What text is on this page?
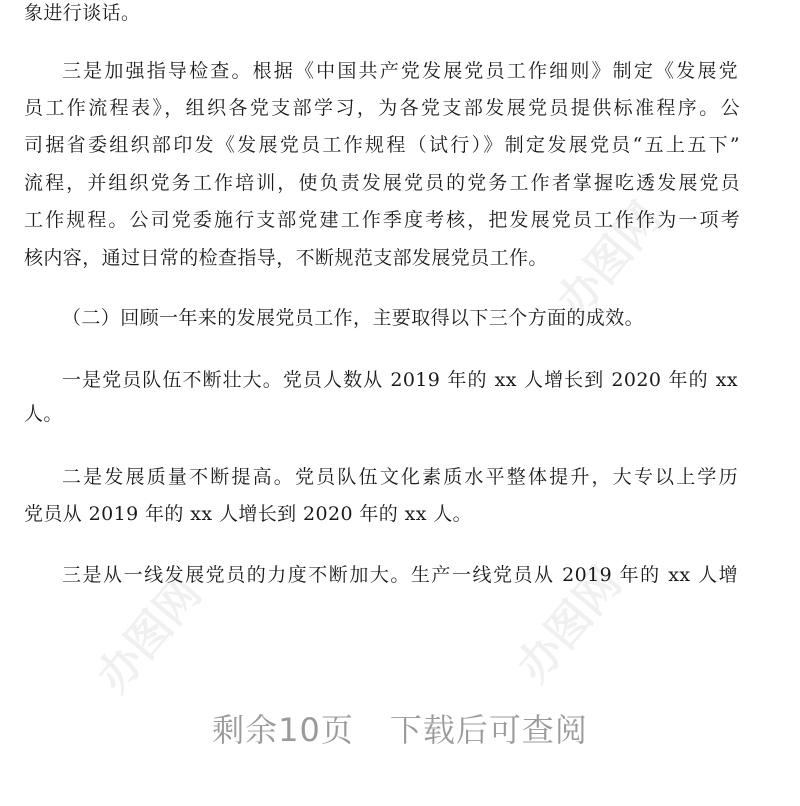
办图网
办图网
办图网
象进行谈话。
三是加强指导检查。根据《中国共产党发展党员工作细则》制定《发展党
员工作流程表》，组织各党支部学习，为各党支部发展党员提供标准程序。公
司据省委组织部印发《发展党员工作规程（试行）》制定发展党员“五上五下”
流程，并组织党务工作培训，使负责发展党员的党务工作者掌握吃透发展党员
工作规程。公司党委施行支部党建工作季度考核，把发展党员工作作为一项考
核内容，通过日常的检查指导，不断规范支部发展党员工作。
（二）回顾一年来的发展党员工作，主要取得以下三个方面的成效。
一是党员队伍不断壮大。党员人数从 2019 年的 xx 人增长到 2020 年的 xx
人。
二是发展质量不断提高。党员队伍文化素质水平整体提升，大专以上学历
党员从 2019 年的 xx 人增长到 2020 年的 xx 人。
三是从一线发展党员的力度不断加大。生产一线党员从 2019 年的 xx 人增
剩余10页 下载后可查阅
